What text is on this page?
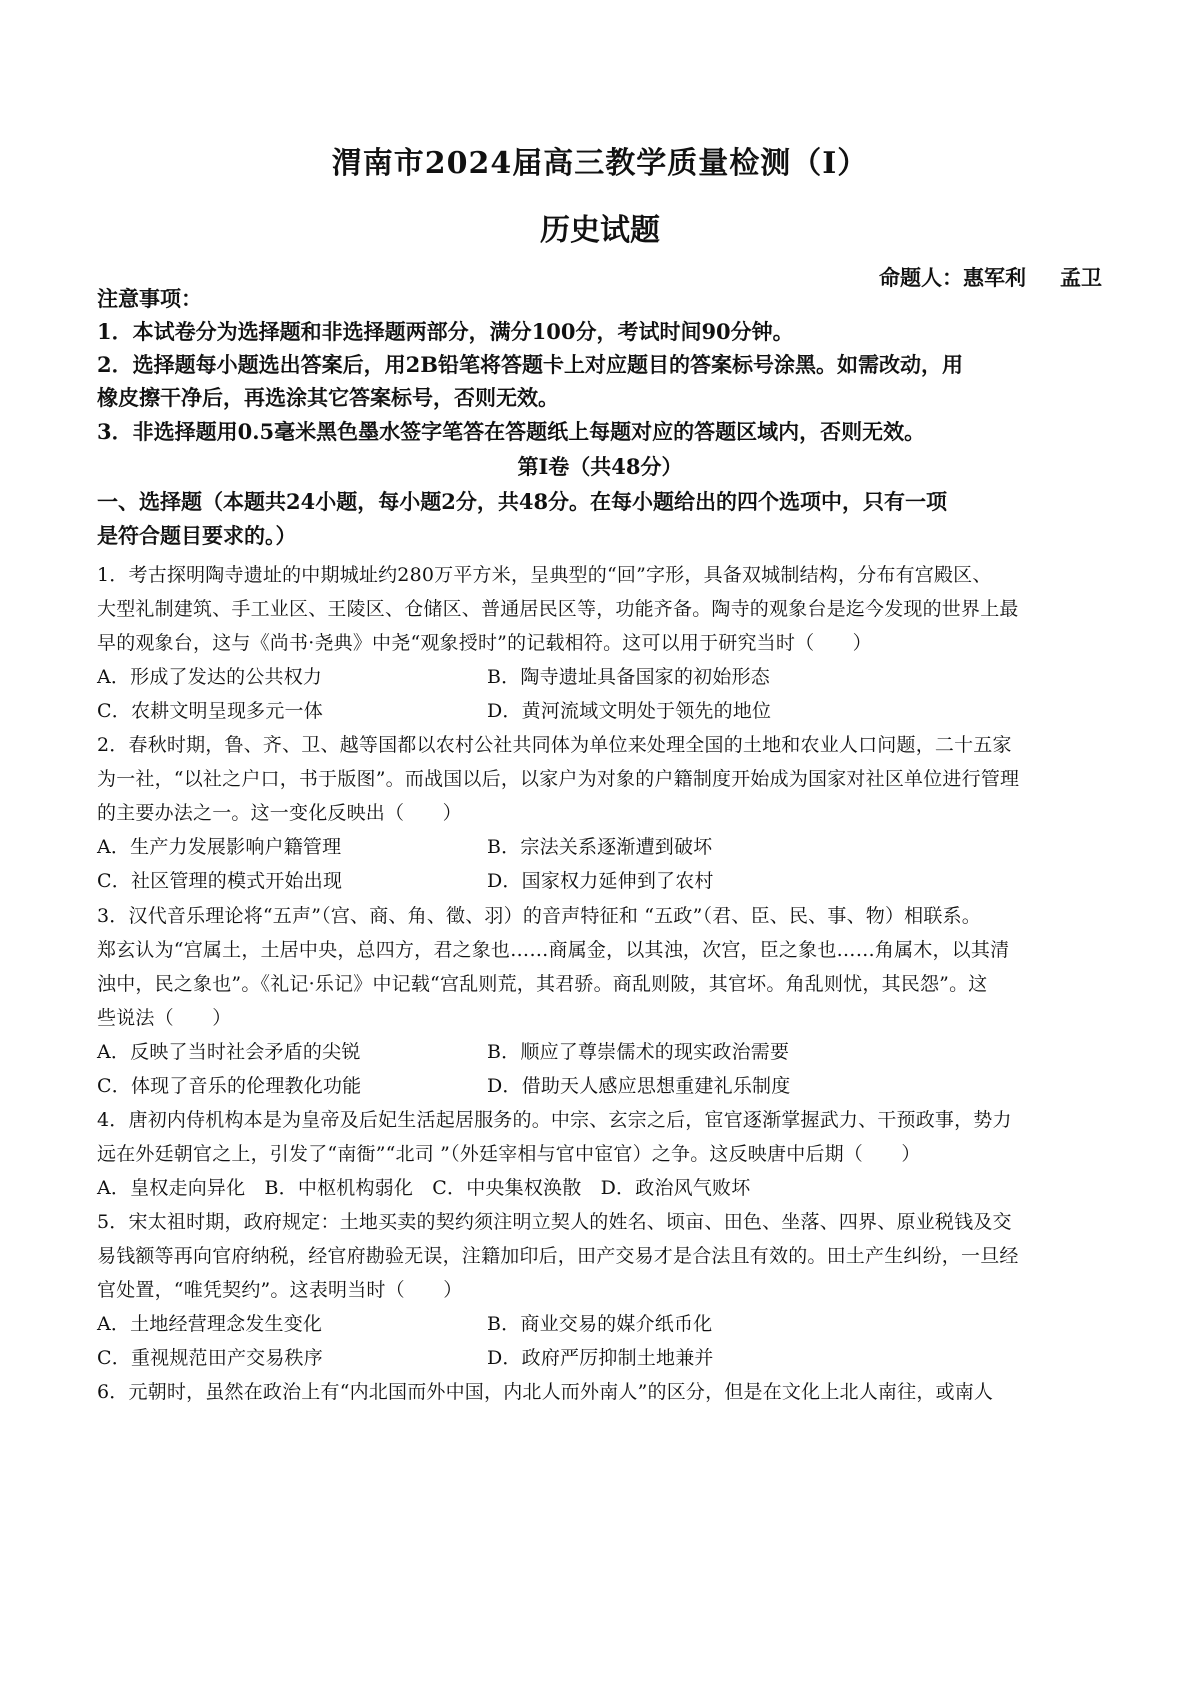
渭南市2024届高三教学质量检测（Ⅰ）
历史试题
命题人：惠军利 孟卫
注意事项：
1．本试卷分为选择题和非选择题两部分，满分100分，考试时间90分钟。
2．选择题每小题选出答案后，用2B铅笔将答题卡上对应题目的答案标号涂黑。如需改动，用
橡皮擦干净后，再选涂其它答案标号，否则无效。
3．非选择题用0.5毫米黑色墨水签字笔答在答题纸上每题对应的答题区域内，否则无效。
第Ⅰ卷（共48分）
一、选择题（本题共24小题，每小题2分，共48分。在每小题给出的四个选项中，只有一项
是符合题目要求的。）
1．考古探明陶寺遗址的中期城址约280万平方米，呈典型的“回”字形，具备双城制结构，分布有宫殿区、
大型礼制建筑、手工业区、王陵区、仓储区、普通居民区等，功能齐备。陶寺的观象台是迄今发现的世界上最
早的观象台，这与《尚书·尧典》中尧“观象授时”的记载相符。这可以用于研究当时（　　）
A．形成了发达的公共权力	B．陶寺遗址具备国家的初始形态
C．农耕文明呈现多元一体	D．黄河流域文明处于领先的地位
2．春秋时期，鲁、齐、卫、越等国都以农村公社共同体为单位来处理全国的土地和农业人口问题，二十五家
为一社，“以社之户口，书于版图”。而战国以后，以家户为对象的户籍制度开始成为国家对社区单位进行管理
的主要办法之一。这一变化反映出（　　）
A．生产力发展影响户籍管理	B．宗法关系逐渐遭到破坏
C．社区管理的模式开始出现	D．国家权力延伸到了农村
3．汉代音乐理论将“五声”（宫、商、角、徵、羽）的音声特征和 “五政”（君、臣、民、事、物）相联系。
郑玄认为“宫属土，土居中央，总四方，君之象也……商属金，以其浊，次宫，臣之象也……角属木，以其清
浊中，民之象也”。《礼记·乐记》中记载“宫乱则荒，其君骄。商乱则陂，其官坏。角乱则忧，其民怨”。这
些说法（　　）
A．反映了当时社会矛盾的尖锐	B．顺应了尊崇儒术的现实政治需要
C．体现了音乐的伦理教化功能	D．借助天人感应思想重建礼乐制度
4．唐初内侍机构本是为皇帝及后妃生活起居服务的。中宗、玄宗之后，宦官逐渐掌握武力、干预政事，势力
远在外廷朝官之上，引发了“南衙”“北司 ”（外廷宰相与官中宦官）之争。这反映唐中后期（　　）
A．皇权走向异化　B．中枢机构弱化　C．中央集权涣散　D．政治风气败坏
5．宋太祖时期，政府规定：土地买卖的契约须注明立契人的姓名、顷亩、田色、坐落、四界、原业税钱及交
易钱额等再向官府纳税，经官府勘验无误，注籍加印后，田产交易才是合法且有效的。田土产生纠纷，一旦经
官处置，“唯凭契约”。这表明当时（　　）
A．土地经营理念发生变化	B．商业交易的媒介纸币化
C．重视规范田产交易秩序	D．政府严厉抑制土地兼并
6．元朝时，虽然在政治上有“内北国而外中国，内北人而外南人”的区分，但是在文化上北人南往，或南人
